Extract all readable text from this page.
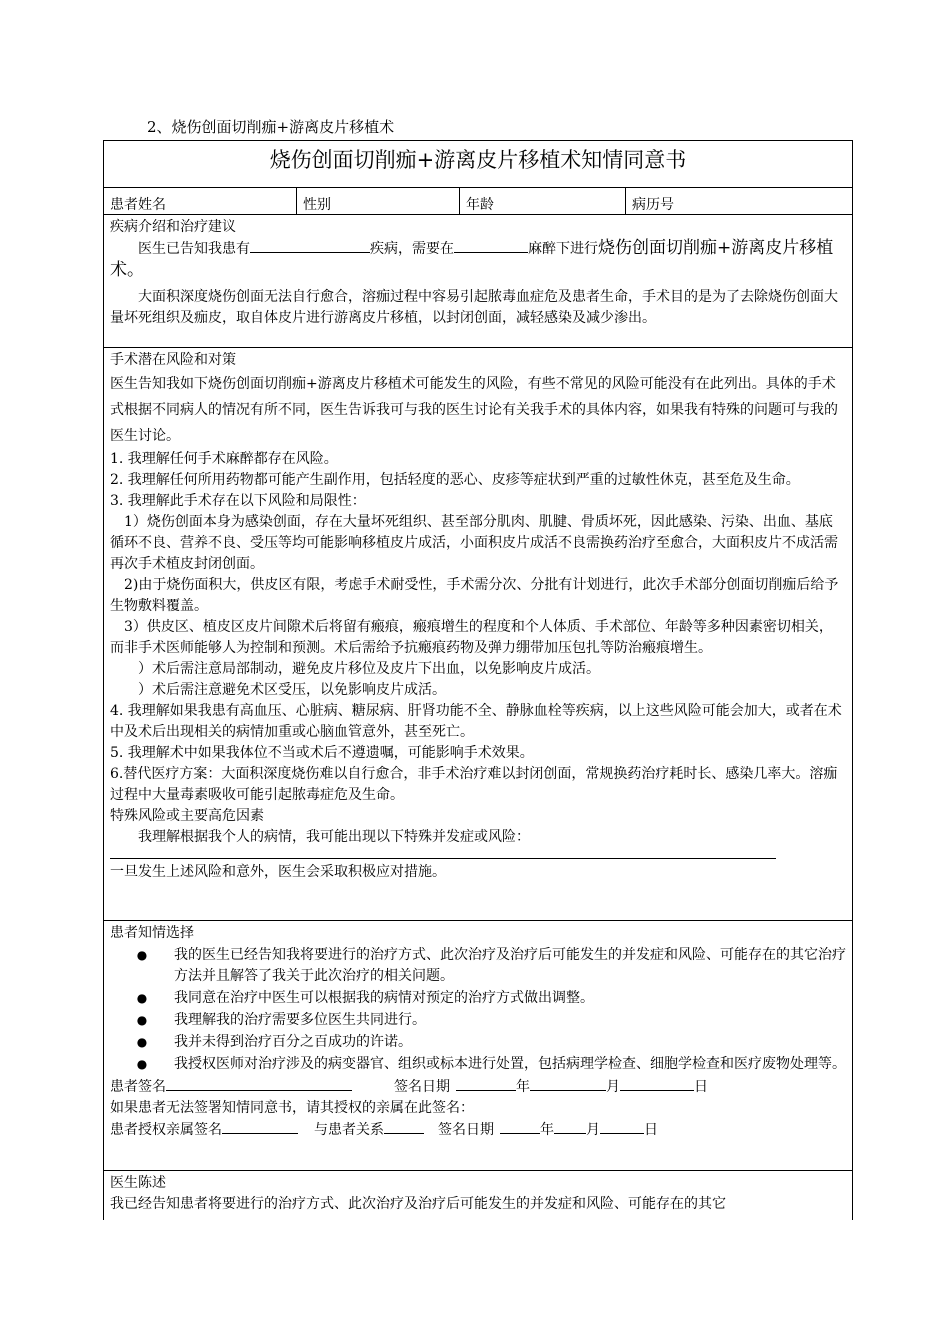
2、烧伤创面切削痂+游离皮片移植术
烧伤创面切削痂+游离皮片移植术知情同意书
患者姓名	性别	年龄	病历号

疾病介绍和治疗建议

医生已告知我患有	疾病，需要在	麻醉下进行烧伤创面切削痂+游离皮片移植术。

大面积深度烧伤创面无法自行愈合，溶痂过程中容易引起脓毒血症危及患者生命，手术目的是为了去除烧伤创面大量坏死组织及痂皮，取自体皮片进行游离皮片移植，以封闭创面，减轻感染及减少渗出。

手术潜在风险和对策

医生告知我如下烧伤创面切削痂+游离皮片移植术可能发生的风险，有些不常见的风险可能没有在此列出。具体的手术式根据不同病人的情况有所不同，医生告诉我可与我的医生讨论有关我手术的具体内容，如果我有特殊的问题可与我的医生讨论。

1. 我理解任何手术麻醉都存在风险。

2. 我理解任何所用药物都可能产生副作用，包括轻度的恶心、皮疹等症状到严重的过敏性休克，甚至危及生命。

3. 我理解此手术存在以下风险和局限性：

1）烧伤创面本身为感染创面，存在大量坏死组织、甚至部分肌肉、肌腱、骨质坏死，因此感染、污染、出血、基底循环不良、营养不良、受压等均可能影响移植皮片成活，小面积皮片成活不良需换药治疗至愈合，大面积皮片不成活需再次手术植皮封闭创面。

2)由于烧伤面积大，供皮区有限，考虑手术耐受性，手术需分次、分批有计划进行，此次手术部分创面切削痂后给予生物敷料覆盖。

3）供皮区、植皮区皮片间隙术后将留有瘢痕，瘢痕增生的程度和个人体质、手术部位、年龄等多种因素密切相关，而非手术医师能够人为控制和预测。术后需给予抗瘢痕药物及弹力绷带加压包扎等防治瘢痕增生。

）术后需注意局部制动，避免皮片移位及皮片下出血，以免影响皮片成活。

）术后需注意避免术区受压，以免影响皮片成活。

4. 我理解如果我患有高血压、心脏病、糖尿病、肝肾功能不全、静脉血栓等疾病，以上这些风险可能会加大，或者在术中及术后出现相关的病情加重或心脑血管意外，甚至死亡。

5. 我理解术中如果我体位不当或术后不遵遗嘱，可能影响手术效果。

6.替代医疗方案：大面积深度烧伤难以自行愈合，非手术治疗难以封闭创面，常规换药治疗耗时长、感染几率大。溶痂过程中大量毒素吸收可能引起脓毒症危及生命。

特殊风险或主要高危因素

我理解根据我个人的病情，我可能出现以下特殊并发症或风险：

一旦发生上述风险和意外，医生会采取积极应对措施。

患者知情选择

●	我的医生已经告知我将要进行的治疗方式、此次治疗及治疗后可能发生的并发症和风险、可能存在的其它治疗方法并且解答了我关于此次治疗的相关问题。
●	我同意在治疗中医生可以根据我的病情对预定的治疗方式做出调整。
●	我理解我的治疗需要多位医生共同进行。
●	我并未得到治疗百分之百成功的许诺。
●	我授权医师对治疗涉及的病变器官、组织或标本进行处置，包括病理学检查、细胞学检查和医疗废物处理等。
患者签名	签名日期	年	月	日

如果患者无法签署知情同意书，请其授权的亲属在此签名：

患者授权亲属签名	与患者关系	签名日期	年 月	日

医生陈述

我已经告知患者将要进行的治疗方式、此次治疗及治疗后可能发生的并发症和风险、可能存在的其它
